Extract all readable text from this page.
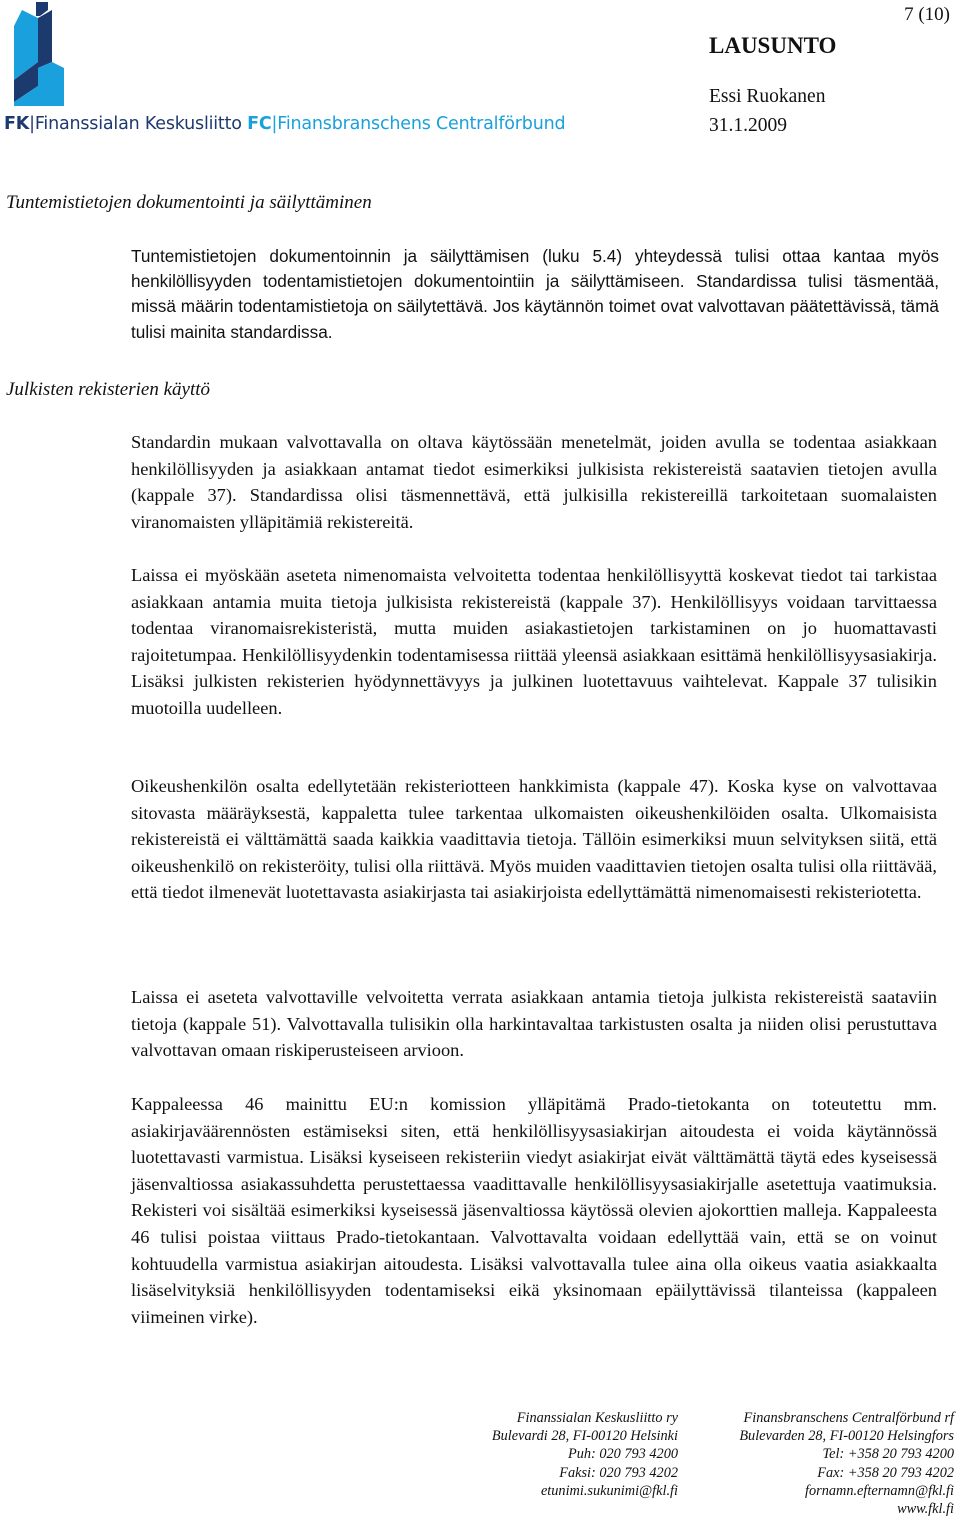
FK|Finanssialan Keskusliitto FC|Finansbranschens Centralförbund
7 (10)
LAUSUNTO
Essi Ruokanen
31.1.2009
Tuntemistietojen dokumentointi ja säilyttäminen
Tuntemistietojen dokumentoinnin ja säilyttämisen (luku 5.4) yhteydessä tulisi ottaa kantaa myös henkilöllisyyden todentamistietojen dokumentointiin ja säilyttämiseen. Standardissa tulisi täsmentää, missä määrin todentamistietoja on säilytettävä. Jos käytännön toimet ovat valvottavan päätettävissä, tämä tulisi mainita standardissa.
Julkisten rekisterien käyttö
Standardin mukaan valvottavalla on oltava käytössään menetelmät, joiden avulla se todentaa asiakkaan henkilöllisyyden ja asiakkaan antamat tiedot esimerkiksi julkisista rekistereistä saatavien tietojen avulla (kappale 37). Standardissa olisi täsmennettävä, että julkisilla rekistereillä tarkoitetaan suomalaisten viranomaisten ylläpitämiä rekistereitä.
Laissa ei myöskään aseteta nimenomaista velvoitetta todentaa henkilöllisyyttä koskevat tiedot tai tarkistaa asiakkaan antamia muita tietoja julkisista rekistereistä (kappale 37). Henkilöllisyys voidaan tarvittaessa todentaa viranomaisrekisteristä, mutta muiden asiakastietojen tarkistaminen on jo huomattavasti rajoitetumpaa. Henkilöllisyydenkin todentamisessa riittää yleensä asiakkaan esittämä henkilöllisyysasiakirja. Lisäksi julkisten rekisterien hyödynnettävyys ja julkinen luotettavuus vaihtelevat. Kappale 37 tulisikin muotoilla uudelleen.
Oikeushenkilön osalta edellytetään rekisteriotteen hankkimista (kappale 47). Koska kyse on valvottavaa sitovasta määräyksestä, kappaletta tulee tarkentaa ulkomaisten oikeushenkilöiden osalta. Ulkomaisista rekistereistä ei välttämättä saada kaikkia vaadittavia tietoja. Tällöin esimerkiksi muun selvityksen siitä, että oikeushenkilö on rekisteröity, tulisi olla riittävä. Myös muiden vaadittavien tietojen osalta tulisi olla riittävää, että tiedot ilmenevät luotettavasta asiakirjasta tai asiakirjoista edellyttämättä nimenomaisesti rekisteriotetta.
Laissa ei aseteta valvottaville velvoitetta verrata asiakkaan antamia tietoja julkista rekistereistä saataviin tietoja (kappale 51). Valvottavalla tulisikin olla harkintavaltaa tarkistusten osalta ja niiden olisi perustuttava valvottavan omaan riskiperusteiseen arvioon.
Kappaleessa 46 mainittu EU:n komission ylläpitämä Prado-tietokanta on toteutettu mm. asiakirjaväärennösten estämiseksi siten, että henkilöllisyysasiakirjan aitoudesta ei voida käytännössä luotettavasti varmistua. Lisäksi kyseiseen rekisteriin viedyt asiakirjat eivät välttämättä täytä edes kyseisessä jäsenvaltiossa asiakassuhdetta perustettaessa vaadittavalle henkilöllisyysasiakirjalle asetettuja vaatimuksia. Rekisteri voi sisältää esimerkiksi kyseisessä jäsenvaltiossa käytössä olevien ajokorttien malleja. Kappaleesta 46 tulisi poistaa viittaus Prado-tietokantaan. Valvottavalta voidaan edellyttää vain, että se on voinut kohtuudella varmistua asiakirjan aitoudesta. Lisäksi valvottavalla tulee aina olla oikeus vaatia asiakkaalta lisäselvityksiä henkilöllisyyden todentamiseksi eikä yksinomaan epäilyttävissä tilanteissa (kappaleen viimeinen virke).
Finanssialan Keskusliitto ry
Bulevardi 28, FI-00120 Helsinki
Puh: 020 793 4200
Faksi: 020 793 4202
etunimi.sukunimi@fkl.fi
Finansbranschens Centralförbund rf
Bulevarden 28, FI-00120 Helsingfors
Tel: +358 20 793 4200
Fax: +358 20 793 4202
fornamn.efternamn@fkl.fi
www.fkl.fi
